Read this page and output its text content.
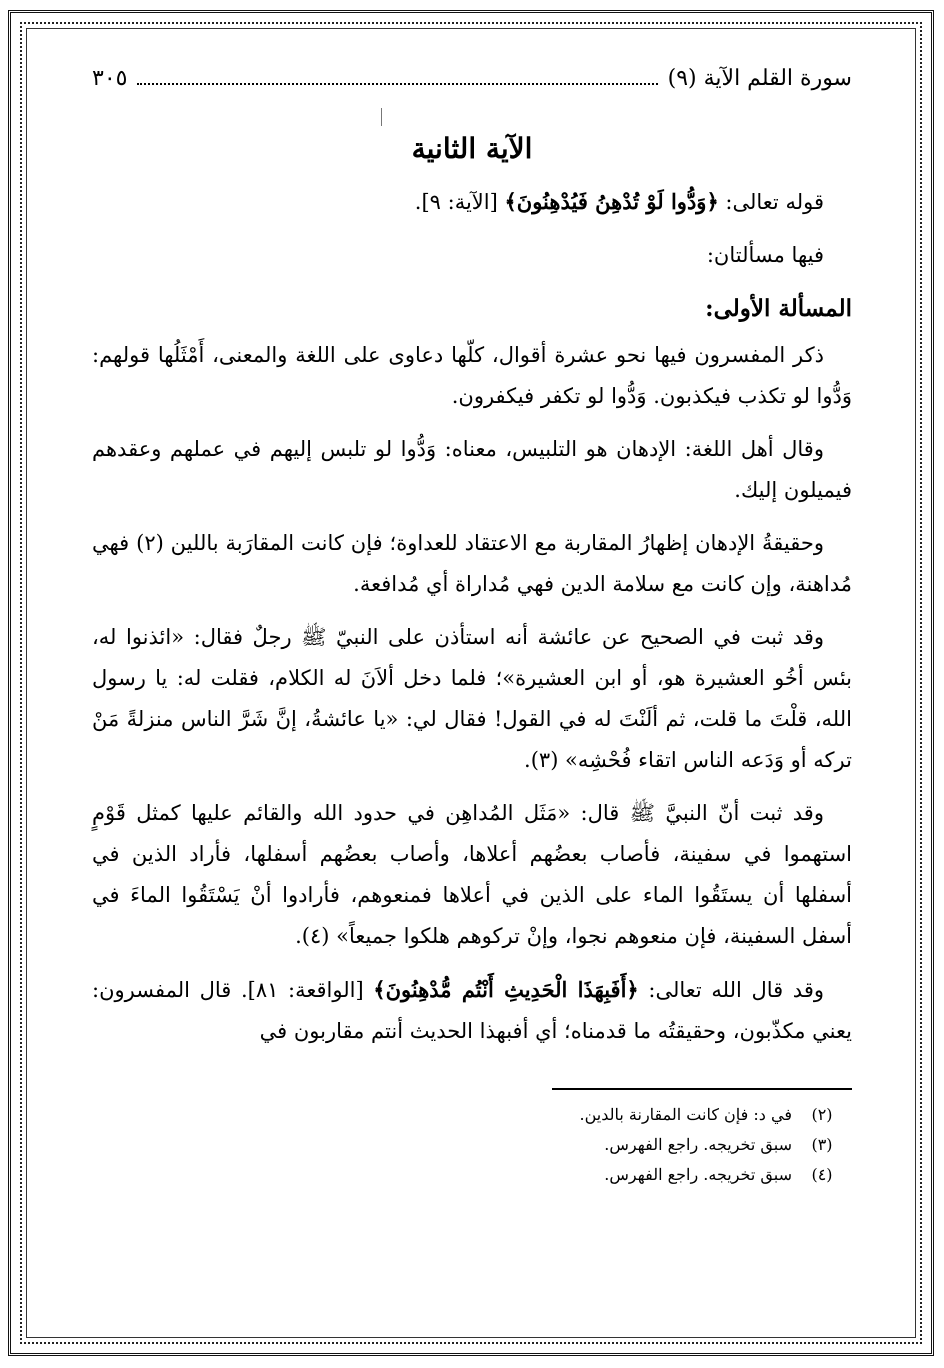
سورة القلم الآية (٩)
٣٠٥
الآية الثانية

قوله تعالى: ﴿وَدُّوا لَوْ تُدْهِنُ فَيُدْهِنُونَ﴾ [الآية: ٩].

فيها مسألتان:

المسألة الأولى:

ذكر المفسرون فيها نحو عشرة أقوال، كلّها دعاوى على اللغة والمعنى، أَمْثَلُها قولهم: وَدُّوا لو تكذب فيكذبون. وَدُّوا لو تكفر فيكفرون.

وقال أهل اللغة: الإدهان هو التلبيس، معناه: وَدُّوا لو تلبس إليهم في عملهم وعقدهم فيميلون إليك.

وحقيقةُ الإدهان إظهارُ المقاربة مع الاعتقاد للعداوة؛ فإن كانت المقارَبة باللين (٢) فهي مُداهنة، وإن كانت مع سلامة الدين فهي مُداراة أي مُدافعة.

وقد ثبت في الصحيح عن عائشة أنه استأذن على النبيّ ﷺ رجلٌ فقال: «ائذنوا له، بئس أخُو العشيرة هو، أو ابن العشيرة»؛ فلما دخل ألاَنَ له الكلام، فقلت له: يا رسول الله، قلْتَ ما قلت، ثم ألَنْتَ له في القول! فقال لي: «يا عائشةُ، إنَّ شَرَّ الناس منزلةً مَنْ تركه أو وَدَعه الناس اتقاء فُحْشِه» (٣).

وقد ثبت أنّ النبيَّ ﷺ قال: «مَثَل المُداهِن في حدود الله والقائم عليها كمثل قَوْمٍ استهموا في سفينة، فأصاب بعضُهم أعلاها، وأصاب بعضُهم أسفلها، فأراد الذين في أسفلها أن يستَقُوا الماء على الذين في أعلاها فمنعوهم، فأرادوا أنْ يَسْتَقُوا الماءَ في أسفل السفينة، فإن منعوهم نجوا، وإنْ تركوهم هلكوا جميعاً» (٤).

وقد قال الله تعالى: ﴿أَفَبِهَذَا الْحَدِيثِ أَنْتُم مُّدْهِنُونَ﴾ [الواقعة: ٨١]. قال المفسرون: يعني مكذّبون، وحقيقتُه ما قدمناه؛ أي أفبهذا الحديث أنتم مقاربون في

(٢)
في د: فإن كانت المقارنة بالدين.
(٣)
سبق تخريجه. راجع الفهرس.
(٤)
سبق تخريجه. راجع الفهرس.
